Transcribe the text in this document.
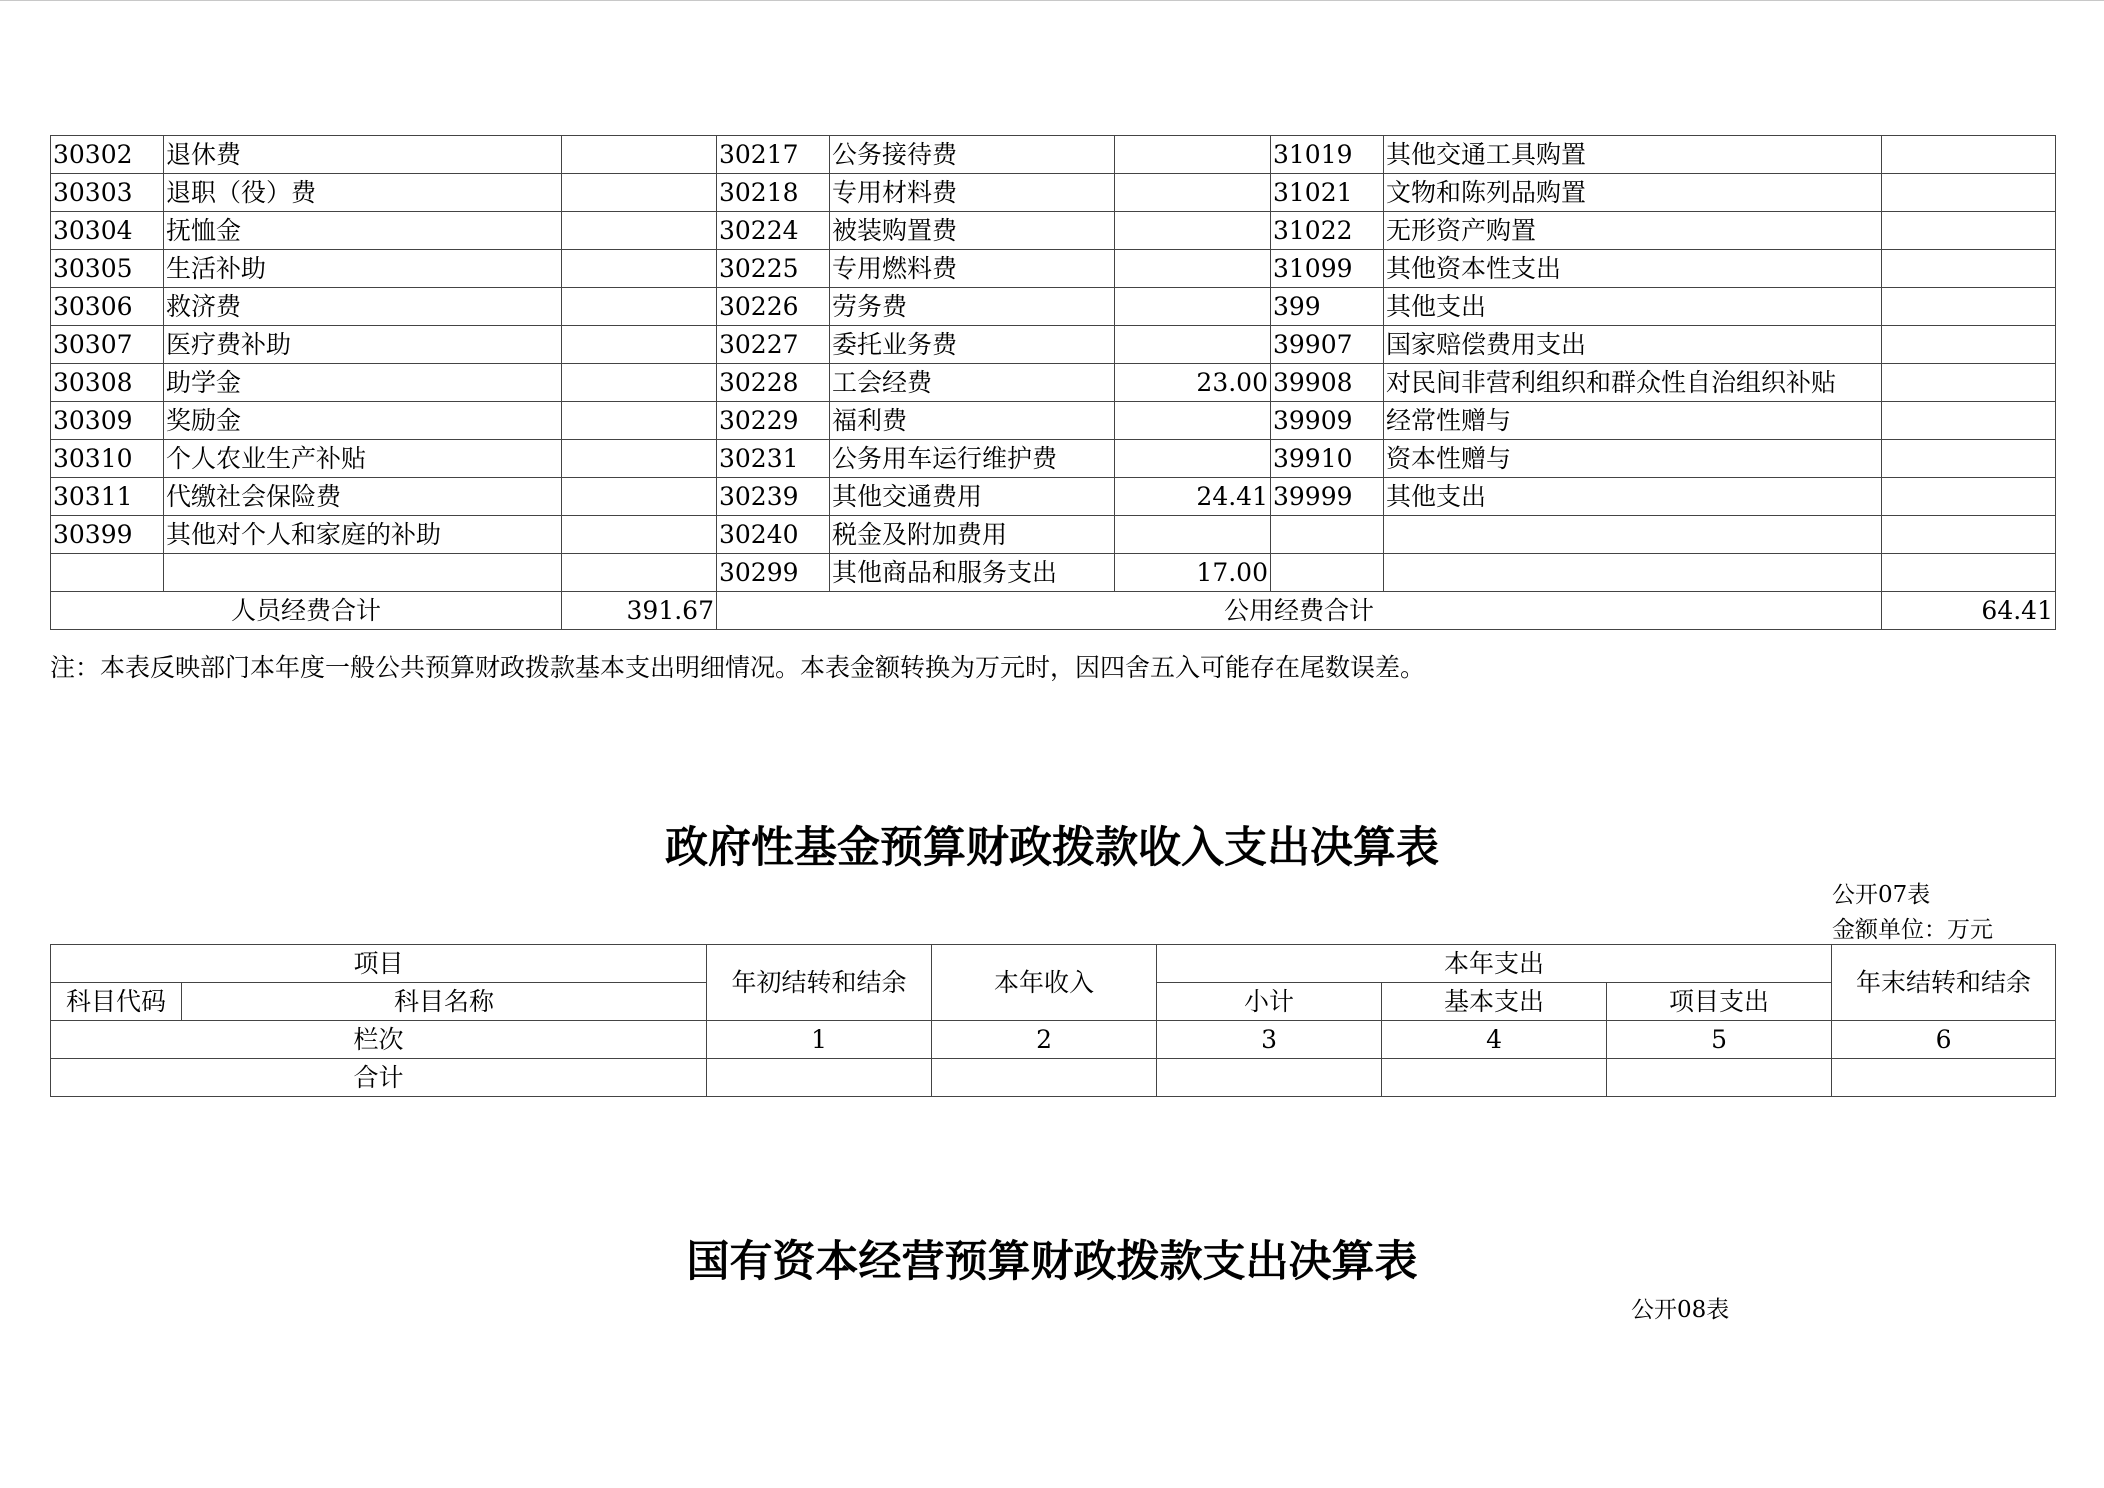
30302	退休费		30217	公务接待费		31019	其他交通工具购置	
30303	退职（役）费		30218	专用材料费		31021	文物和陈列品购置	
30304	抚恤金		30224	被装购置费		31022	无形资产购置	
30305	生活补助		30225	专用燃料费		31099	其他资本性支出	
30306	救济费		30226	劳务费		399	其他支出	
30307	医疗费补助		30227	委托业务费		39907	国家赔偿费用支出	
30308	助学金		30228	工会经费	23.00	39908	对民间非营利组织和群众性自治组织补贴	
30309	奖励金		30229	福利费		39909	经常性赠与	
30310	个人农业生产补贴		30231	公务用车运行维护费		39910	资本性赠与	
30311	代缴社会保险费		30239	其他交通费用	24.41	39999	其他支出	
30399	其他对个人和家庭的补助		30240	税金及附加费用				
			30299	其他商品和服务支出	17.00			
人员经费合计		391.67	公用经费合计					64.41
注：本表反映部门本年度一般公共预算财政拨款基本支出明细情况。本表金额转换为万元时，因四舍五入可能存在尾数误差。
政府性基金预算财政拨款收入支出决算表
公开07表
金额单位：万元
项目		年初结转和结余	本年收入	本年支出			年末结转和结余
科目代码	科目名称			小计	基本支出	项目支出	
栏次		1	2	3	4	5	6
合计							
国有资本经营预算财政拨款支出决算表
公开08表
